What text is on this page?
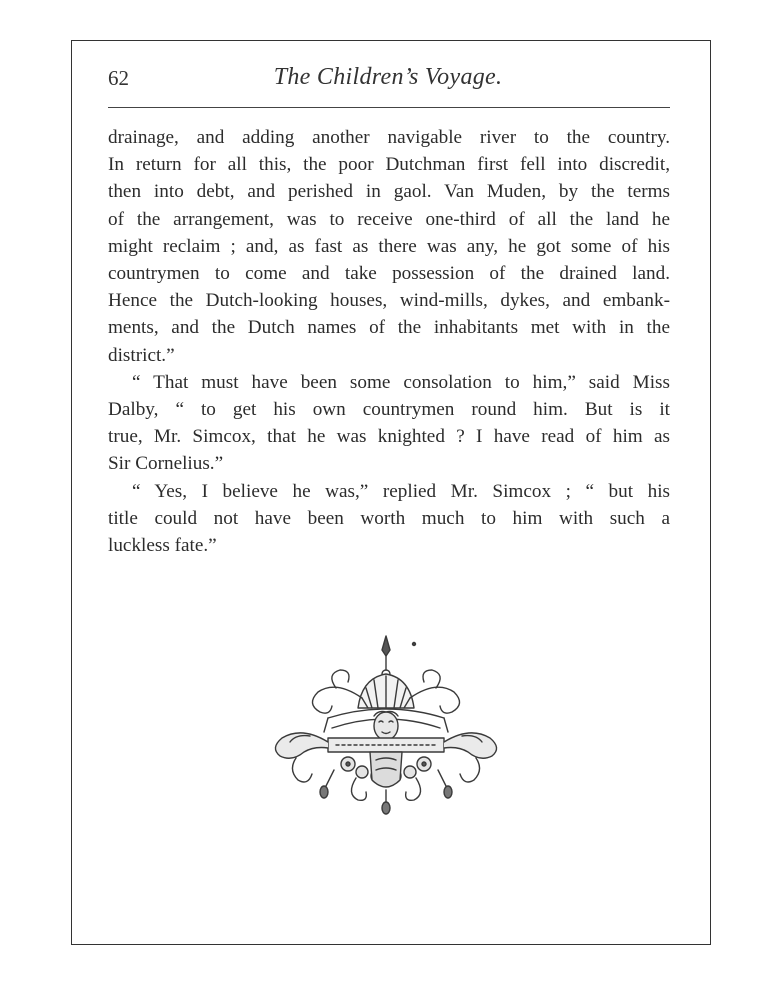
62	The Children’s Voyage.
drainage, and adding another navigable river to the country.
In return for all this, the poor Dutchman first fell into discredit,
then into debt, and perished in gaol. Van Muden, by the terms
of the arrangement, was to receive one-third of all the land he
might reclaim ; and, as fast as there was any, he got some of his
countrymen to come and take possession of the drained land.
Hence the Dutch-looking houses, wind-mills, dykes, and embank-
ments, and the Dutch names of the inhabitants met with in the
district.”
“ That must have been some consolation to him,” said Miss
Dalby, “ to get his own countrymen round him. But is it
true, Mr. Simcox, that he was knighted ? I have read of him as
Sir Cornelius.”
“ Yes, I believe he was,” replied Mr. Simcox ; “ but his
title could not have been worth much to him with such a
luckless fate.”
